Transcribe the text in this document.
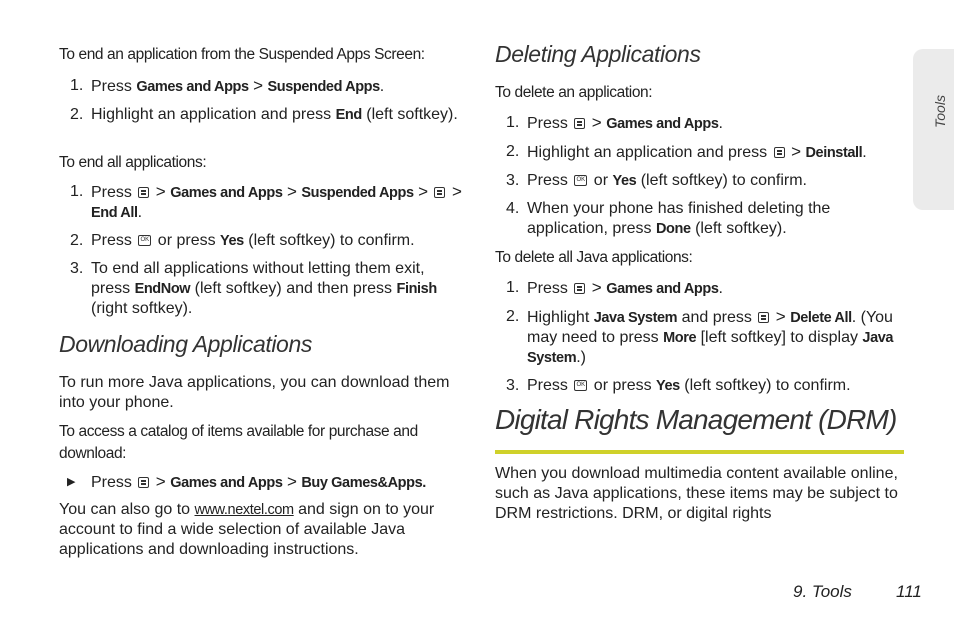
Tools

To end an application from the Suspended Apps Screen:

1. Press Games and Apps > Suspended Apps.
2. Highlight an application and press End (left softkey).

To end all applications:

1. Press  > Games and Apps > Suspended Apps > > End All.
2. Press OK or press Yes (left softkey) to confirm.
3. To end all applications without letting them exit, press EndNow (left softkey) and then press Finish (right softkey).
Downloading Applications

To run more Java applications, you can download them into your phone.

To access a catalog of items available for purchase and download:

▶ Press  > Games and Apps > Buy Games&Apps.

You can also go to www.nextel.com and sign on to your account to find a wide selection of available Java applications and downloading instructions.

Deleting Applications

To delete an application:

1. Press  > Games and Apps.
2. Highlight an application and press  > Deinstall.
3. Press OK or Yes (left softkey) to confirm.
4. When your phone has finished deleting the application, press Done (left softkey).

To delete all Java applications:

1. Press  > Games and Apps.
2. Highlight Java System and press  > Delete All. (You may need to press More [left softkey] to display Java System.)
3. Press OK or press Yes (left softkey) to confirm.
Digital Rights Management (DRM)

When you download multimedia content available online, such as Java applications, these items may be subject to DRM restrictions. DRM, or digital rights

9. Tools	111
